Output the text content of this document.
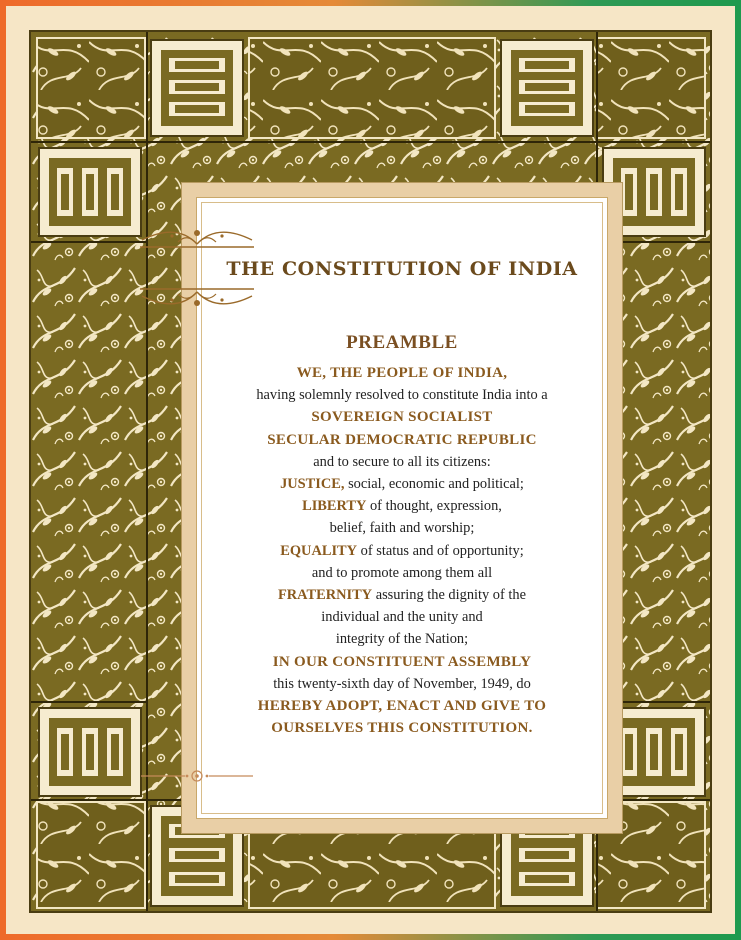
THE CONSTITUTION OF INDIA
PREAMBLE
WE, THE PEOPLE OF INDIA,
having solemnly resolved to constitute India into a
SOVEREIGN SOCIALIST
SECULAR DEMOCRATIC REPUBLIC
and to secure to all its citizens:
JUSTICE, social, economic and political;
LIBERTY of thought, expression,
belief, faith and worship;
EQUALITY of status and of opportunity;
and to promote among them all
FRATERNITY assuring the dignity of the
individual and the unity and
integrity of the Nation;
IN OUR CONSTITUENT ASSEMBLY
this twenty-sixth day of November, 1949, do
HEREBY ADOPT, ENACT AND GIVE TO
OURSELVES THIS CONSTITUTION.
